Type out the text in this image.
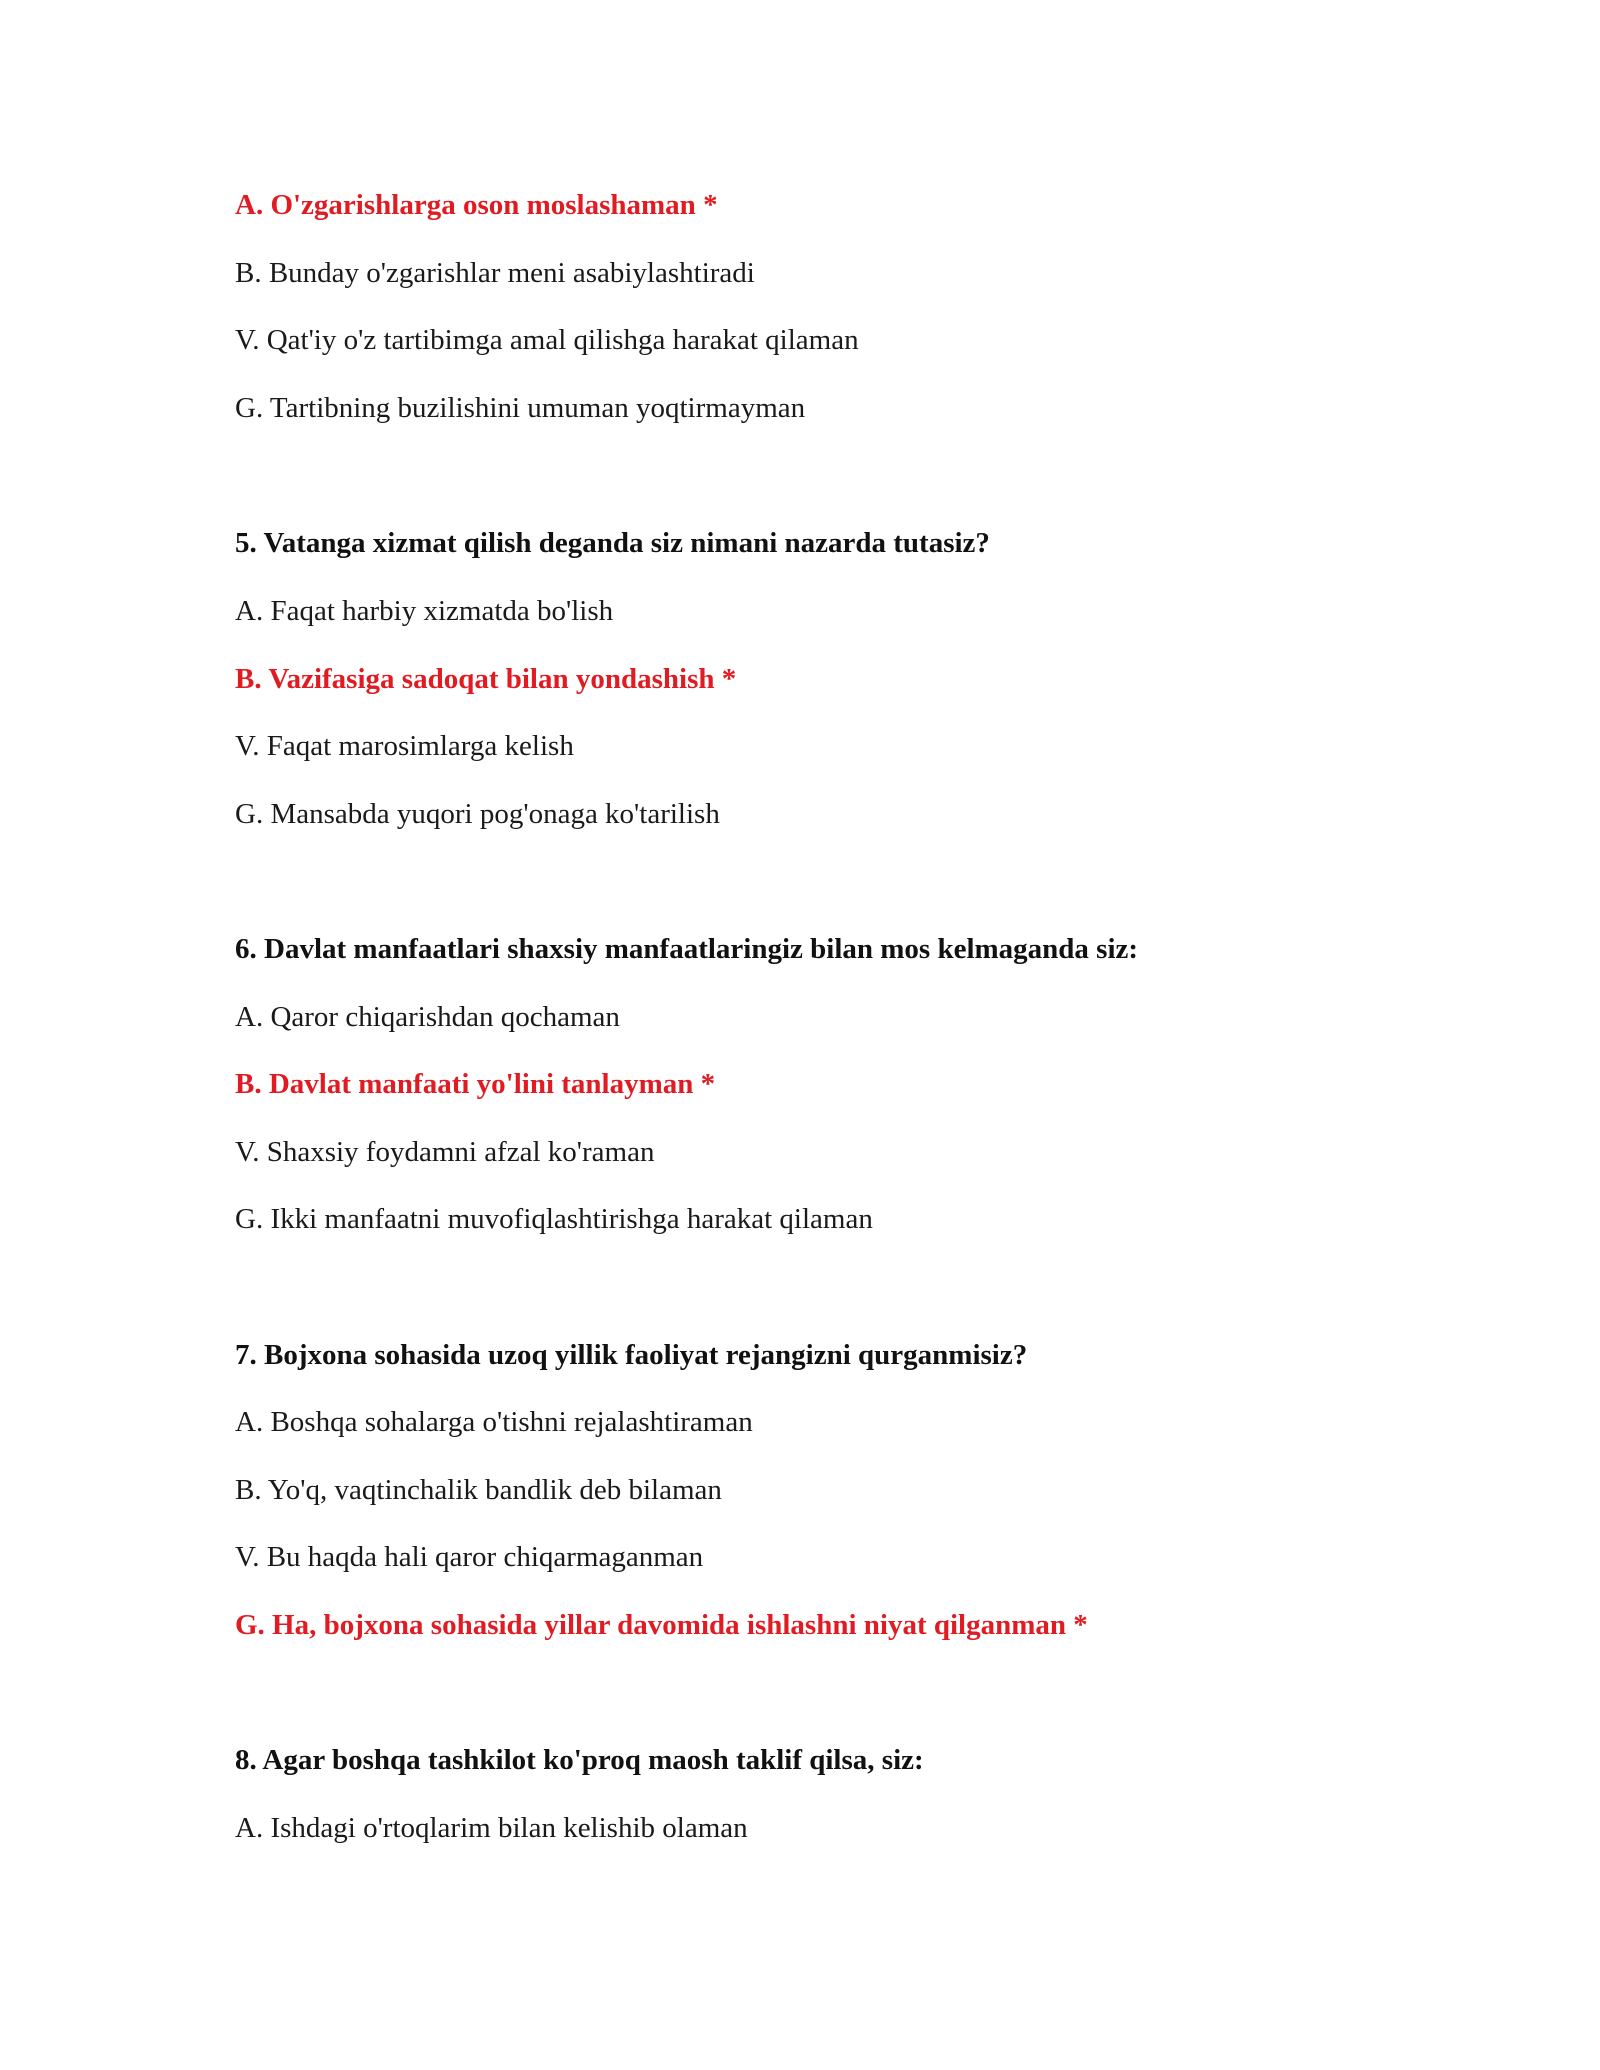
A. O'zgarishlarga oson moslashaman *

B. Bunday o'zgarishlar meni asabiylashtiradi

V. Qat'iy o'z tartibimga amal qilishga harakat qilaman

G. Tartibning buzilishini umuman yoqtirmayman

5. Vatanga xizmat qilish deganda siz nimani nazarda tutasiz?

A. Faqat harbiy xizmatda bo'lish

B. Vazifasiga sadoqat bilan yondashish *

V. Faqat marosimlarga kelish

G. Mansabda yuqori pog'onaga ko'tarilish

6. Davlat manfaatlari shaxsiy manfaatlaringiz bilan mos kelmaganda siz:

A. Qaror chiqarishdan qochaman

B. Davlat manfaati yo'lini tanlayman *

V. Shaxsiy foydamni afzal ko'raman

G. Ikki manfaatni muvofiqlashtirishga harakat qilaman

7. Bojxona sohasida uzoq yillik faoliyat rejangizni qurganmisiz?

A. Boshqa sohalarga o'tishni rejalashtiraman

B. Yo'q, vaqtinchalik bandlik deb bilaman

V. Bu haqda hali qaror chiqarmaganman

G. Ha, bojxona sohasida yillar davomida ishlashni niyat qilganman *

8. Agar boshqa tashkilot ko'proq maosh taklif qilsa, siz:

A. Ishdagi o'rtoqlarim bilan kelishib olaman
